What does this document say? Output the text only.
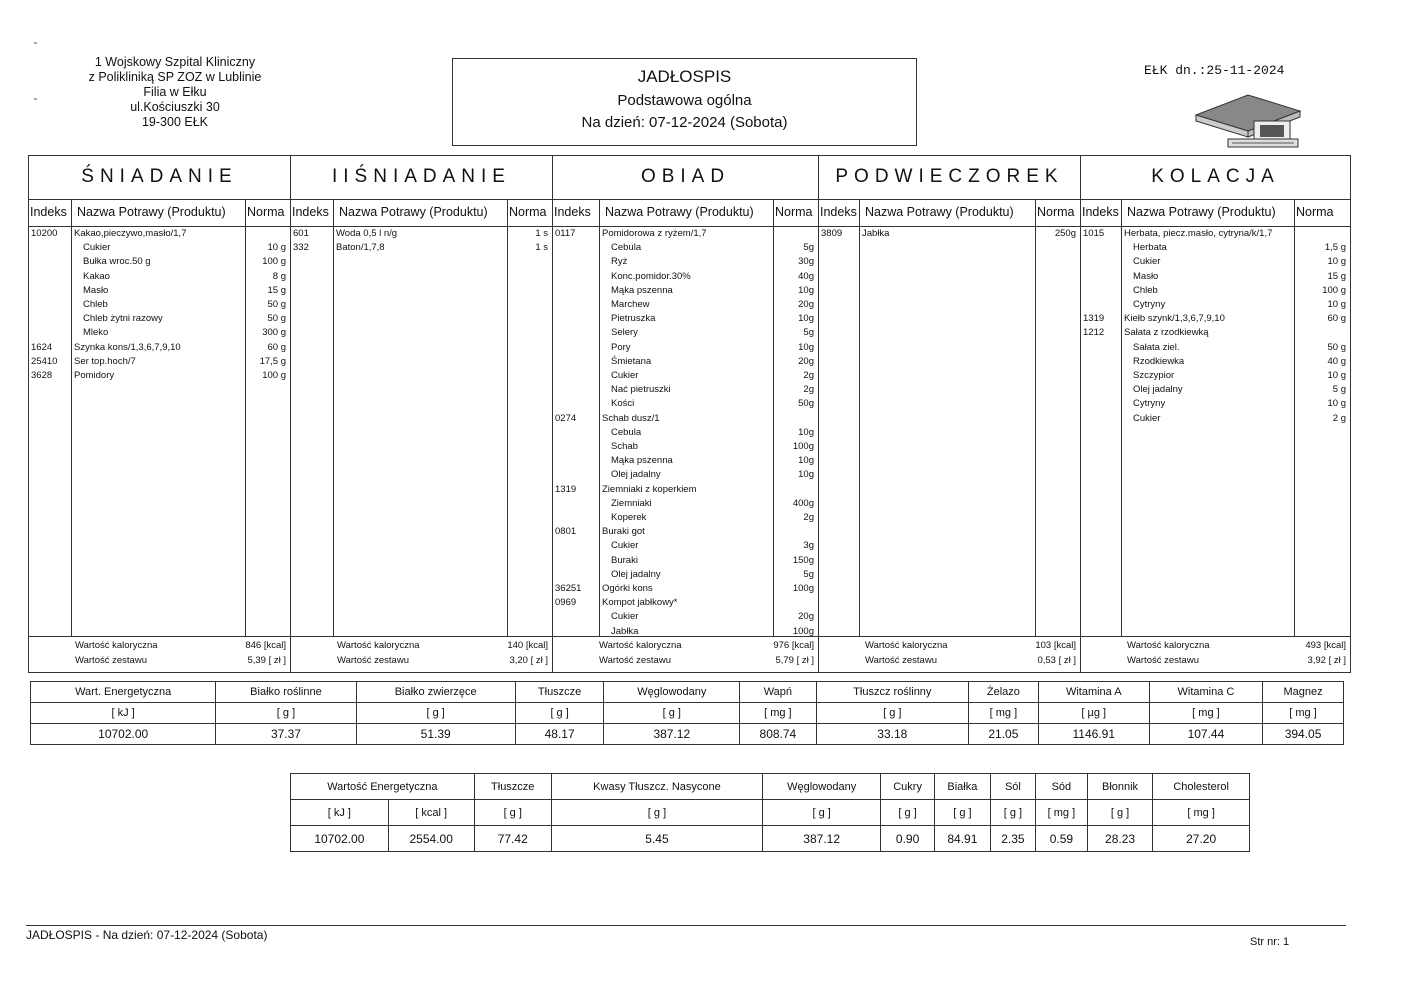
1 Wojskowy Szpital Kliniczny
z Polikliniką SP ZOZ w Lublinie
Filia w Ełku
ul.Kościuszki 30
19-300 EŁK
JADŁOSPIS
Podstawowa ogólna
Na dzień: 07-12-2024 (Sobota)
EŁK dn.:25-11-2024
ŚNIADANIE
Indeks Nazwa Potrawy (Produktu) Norma
10200 Kakao,pieczywo,masło/1,7
Cukier	10 g
Bułka wroc.50 g	100 g
Kakao	8 g
Masło	15 g
Chleb	50 g
Chleb żytni razowy	50 g
Mleko	300 g
1624 Szynka kons/1,3,6,7,9,10	60 g
25410 Ser top.hoch/7	17,5 g
3628 Pomidory	100 g
Wartość kaloryczna	846 [kcal]
Wartość zestawu	5,39 [ zł ]
IIŚNIADANIE
Indeks Nazwa Potrawy (Produktu) Norma
601	Woda 0,5 l n/g	1 s
332	Baton/1,7,8	1 s
Wartość kaloryczna	140 [kcal]
Wartość zestawu	3,20 [ zł ]
OBIAD
Indeks Nazwa Potrawy (Produktu) Norma
0117	Pomidorowa z ryżem/1,7
Cebula	5g
Ryż	30g
Konc.pomidor.30%	40g
Mąka pszenna	10g
Marchew	20g
Pietruszka	10g
Selery	5g
Pory	10g
Śmietana	20g
Cukier	2g
Nać pietruszki	2g
Kości	50g
0274	Schab dusz/1
Cebula	10g
Schab	100g
Mąka pszenna	10g
Olej jadalny	10g
1319	Ziemniaki z koperkiem
Ziemniaki	400g
Koperek	2g
0801	Buraki got
Cukier	3g
Buraki	150g
Olej jadalny	5g
36251 Ogórki kons	100g
0969	Kompot jabłkowy*
Cukier	20g
Jabłka	100g
Wartość kaloryczna	976 [kcal]
Wartość zestawu	5,79 [ zł ]
PODWIECZOREK
Indeks Nazwa Potrawy (Produktu) Norma
3809 Jabłka	250g
Wartość kaloryczna	103 [kcal]
Wartość zestawu	0,53 [ zł ]
KOLACJA
Indeks Nazwa Potrawy (Produktu) Norma
1015 Herbata, piecz.masło, cytryna/k/1,7
Herbata	1,5 g
Cukier	10 g
Masło	15 g
Chleb	100 g
Cytryny	10 g
1319 Kiełb szynk/1,3,6,7,9,10	60 g
1212 Sałata z rzodkiewką
Sałata ziel.	50 g
Rzodkiewka	40 g
Szczypior	10 g
Olej jadalny	5 g
Cytryny	10 g
Cukier	2 g
Wartość kaloryczna	493 [kcal]
Wartość zestawu	3,92 [ zł ]
Wart. Energetyczna	Białko roślinne	Białko zwierzęce	Tłuszcze	Węglowodany	Wapń	Tłuszcz roślinny	Żelazo	Witamina A	Witamina C	Magnez
[ kJ ]	[ g ]	[ g ]	[ g ]	[ g ]	[ mg ]	[ g ]	[ mg ]	[ µg ]	[ mg ]	[ mg ]
10702.00	37.37	51.39	48.17	387.12	808.74	33.18	21.05	1146.91	107.44	394.05
Wartość Energetyczna		Tłuszcze	Kwasy Tłuszcz. Nasycone	Węglowodany	Cukry	Białka	Sól	Sód	Błonnik	Cholesterol
[ kJ ]	[ kcal ]	[ g ]	[ g ]	[ g ]	[ g ]	[ g ]	[ g ]	[ mg ]	[ g ]	[ mg ]
10702.00	2554.00	77.42	5.45	387.12	0.90	84.91	2.35	0.59	28.23	27.20
JADŁOSPIS - Na dzień: 07-12-2024 (Sobota)	Str nr: 1
